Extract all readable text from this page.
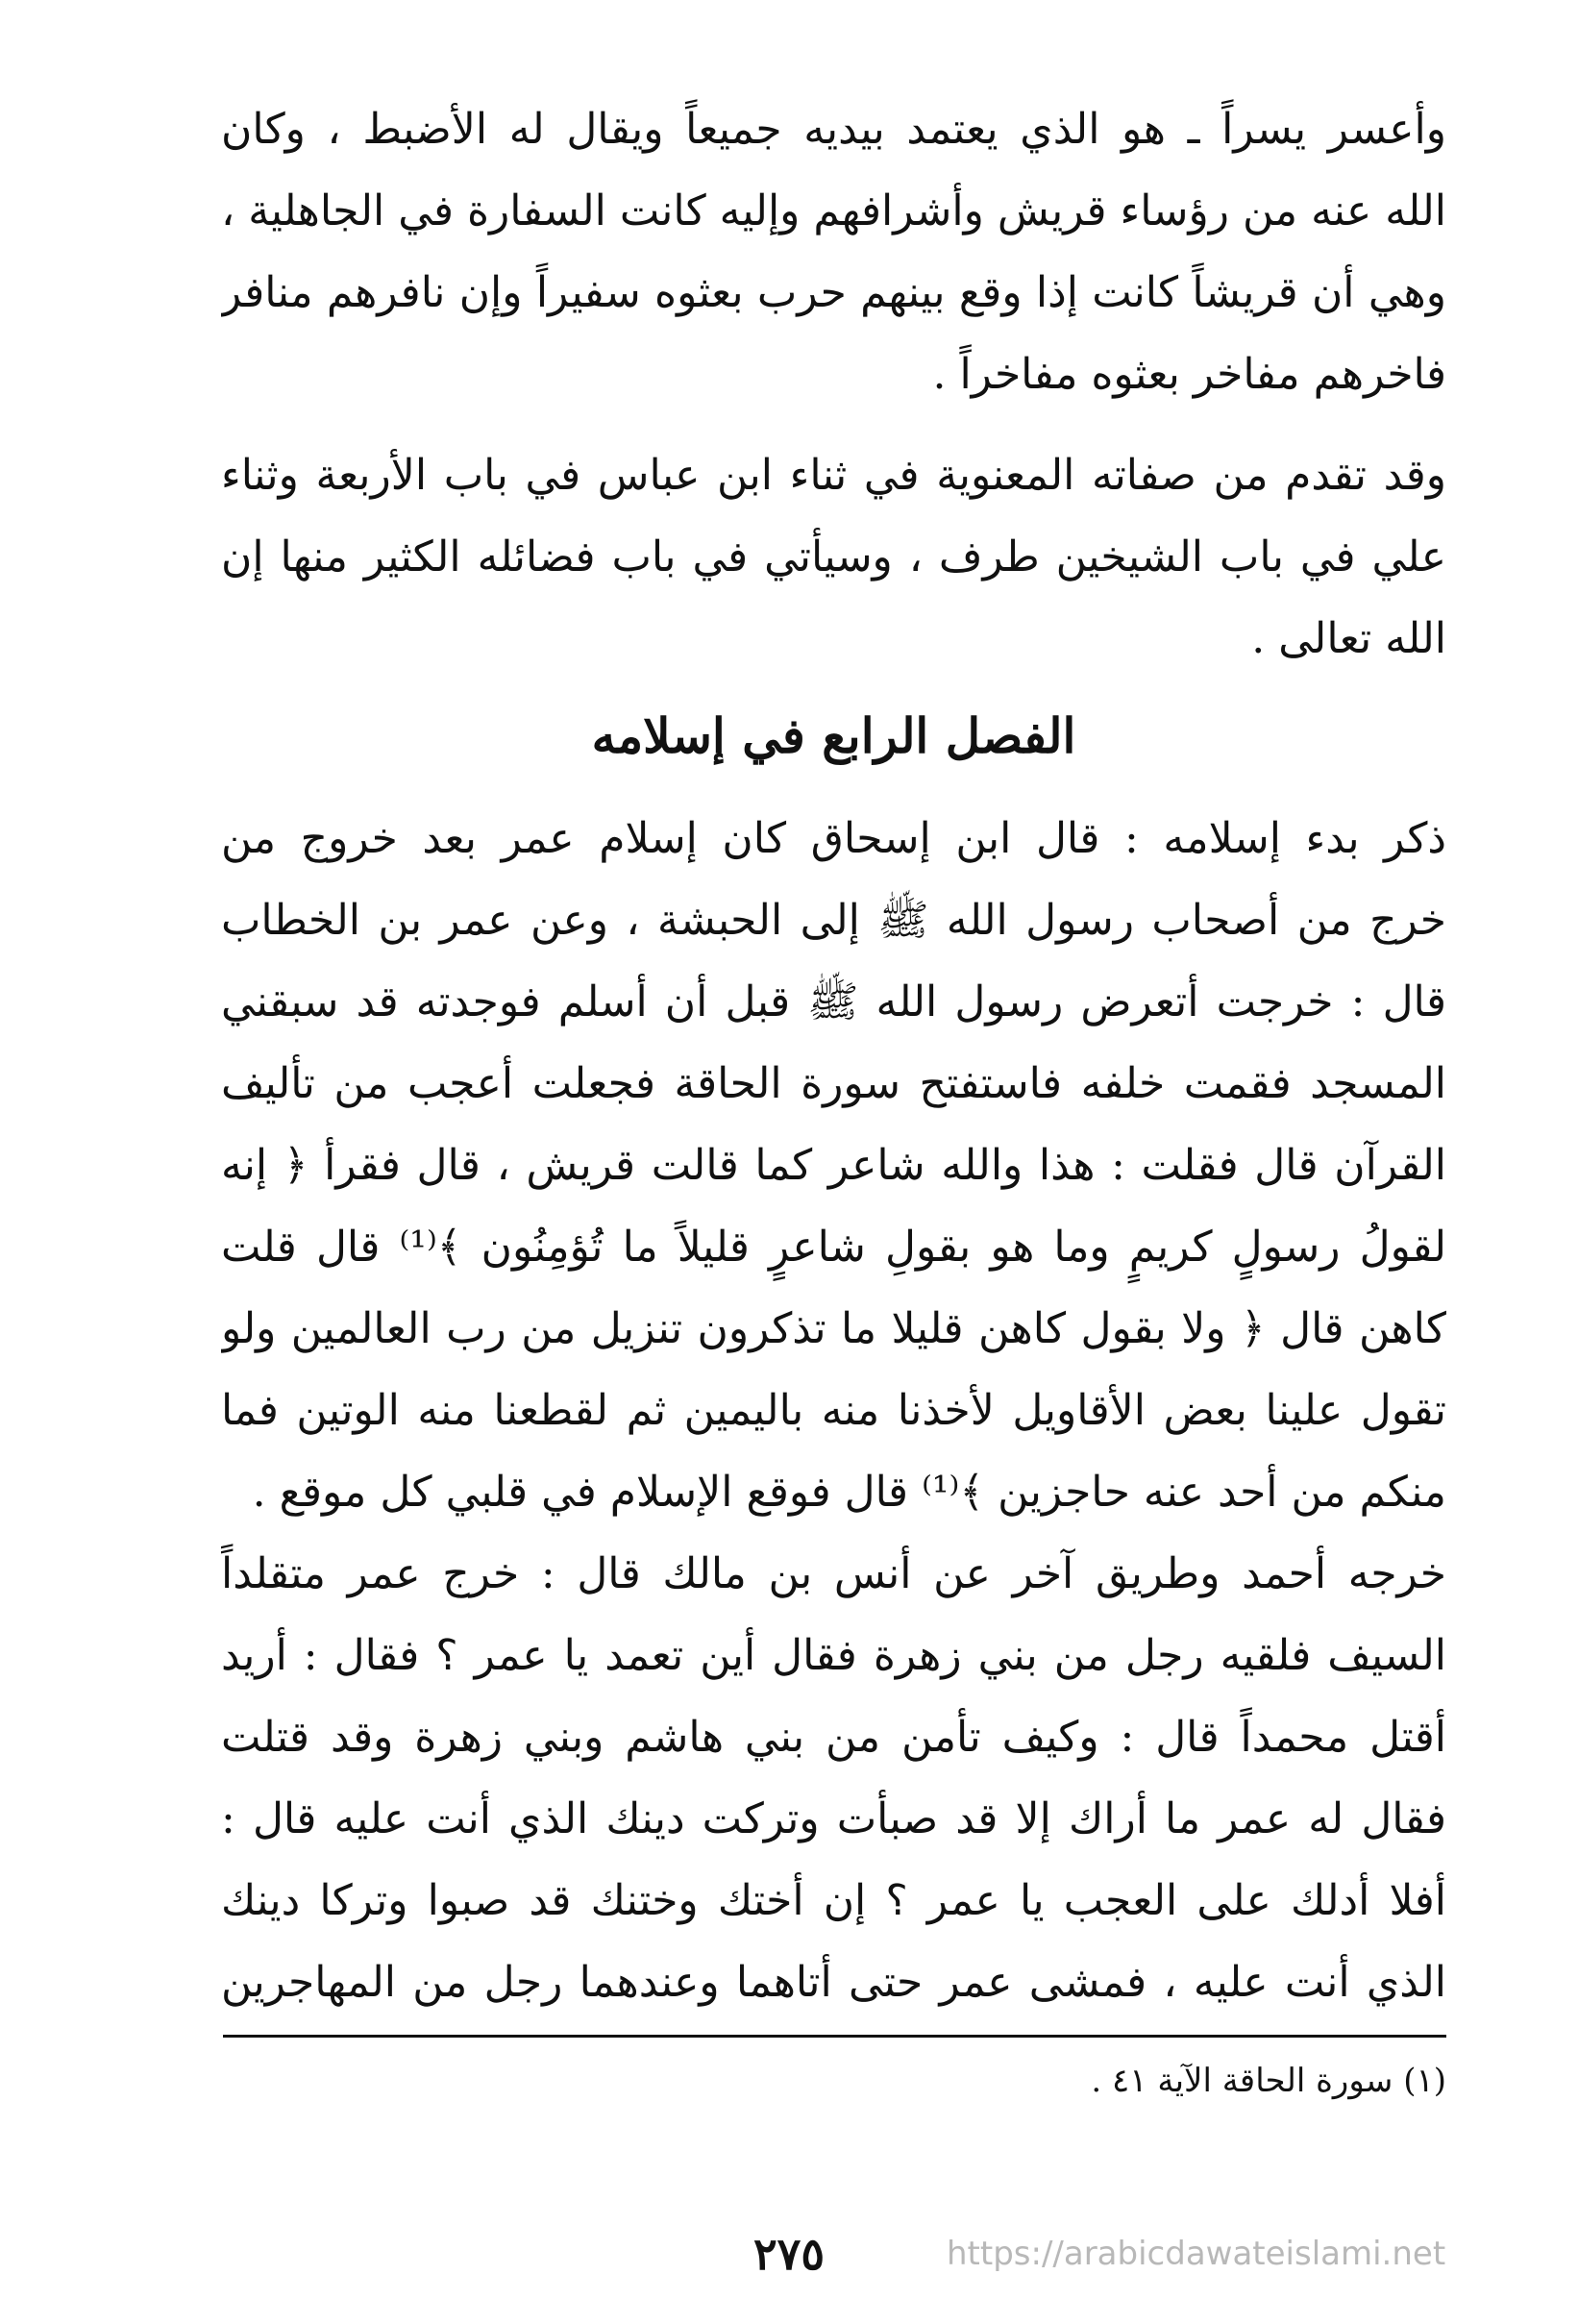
وأعسر يسراً ـ هو الذي يعتمد بيديه جميعاً ويقال له الأضبط ، وكان
الله عنه من رؤساء قريش وأشرافهم وإليه كانت السفارة في الجاهلية ،
وهي أن قريشاً كانت إذا وقع بينهم حرب بعثوه سفيراً وإن نافرهم منافر
فاخرهم مفاخر بعثوه مفاخراً .
وقد تقدم من صفاته المعنوية في ثناء ابن عباس في باب الأربعة وثناء
علي في باب الشيخين طرف ، وسيأتي في باب فضائله الكثير منها إن
الله تعالى .
الفصل الرابع في إسلامه
ذكر بدء إسلامه : قال ابن إسحاق كان إسلام عمر بعد خروج من
خرج من أصحاب رسول الله ﷺ إلى الحبشة ، وعن عمر بن الخطاب
قال : خرجت أتعرض رسول الله ﷺ قبل أن أسلم فوجدته قد سبقني
المسجد فقمت خلفه فاستفتح سورة الحاقة فجعلت أعجب من تأليف
القرآن قال فقلت : هذا والله شاعر كما قالت قريش ، قال فقرأ ﴿ إنه
لقولُ رسولٍ كريمٍ وما هو بقولِ شاعرٍ قليلاً ما تُؤمِنُون ﴾⁽¹⁾ قال قلت
كاهن قال ﴿ ولا بقول كاهن قليلا ما تذكرون تنزيل من رب العالمين ولو
تقول علينا بعض الأقاويل لأخذنا منه باليمين ثم لقطعنا منه الوتين فما
منكم من أحد عنه حاجزين ﴾⁽¹⁾ قال فوقع الإسلام في قلبي كل موقع .
خرجه أحمد وطريق آخر عن أنس بن مالك قال : خرج عمر متقلداً
السيف فلقيه رجل من بني زهرة فقال أين تعمد يا عمر ؟ فقال : أريد
أقتل محمداً قال : وكيف تأمن من بني هاشم وبني زهرة وقد قتلت
فقال له عمر ما أراك إلا قد صبأت وتركت دينك الذي أنت عليه قال :
أفلا أدلك على العجب يا عمر ؟ إن أختك وختنك قد صبوا وتركا دينك
الذي أنت عليه ، فمشى عمر حتى أتاهما وعندهما رجل من المهاجرين
(١) سورة الحاقة الآية ٤١ .
٢٧٥	https://arabicdawateislami.net
